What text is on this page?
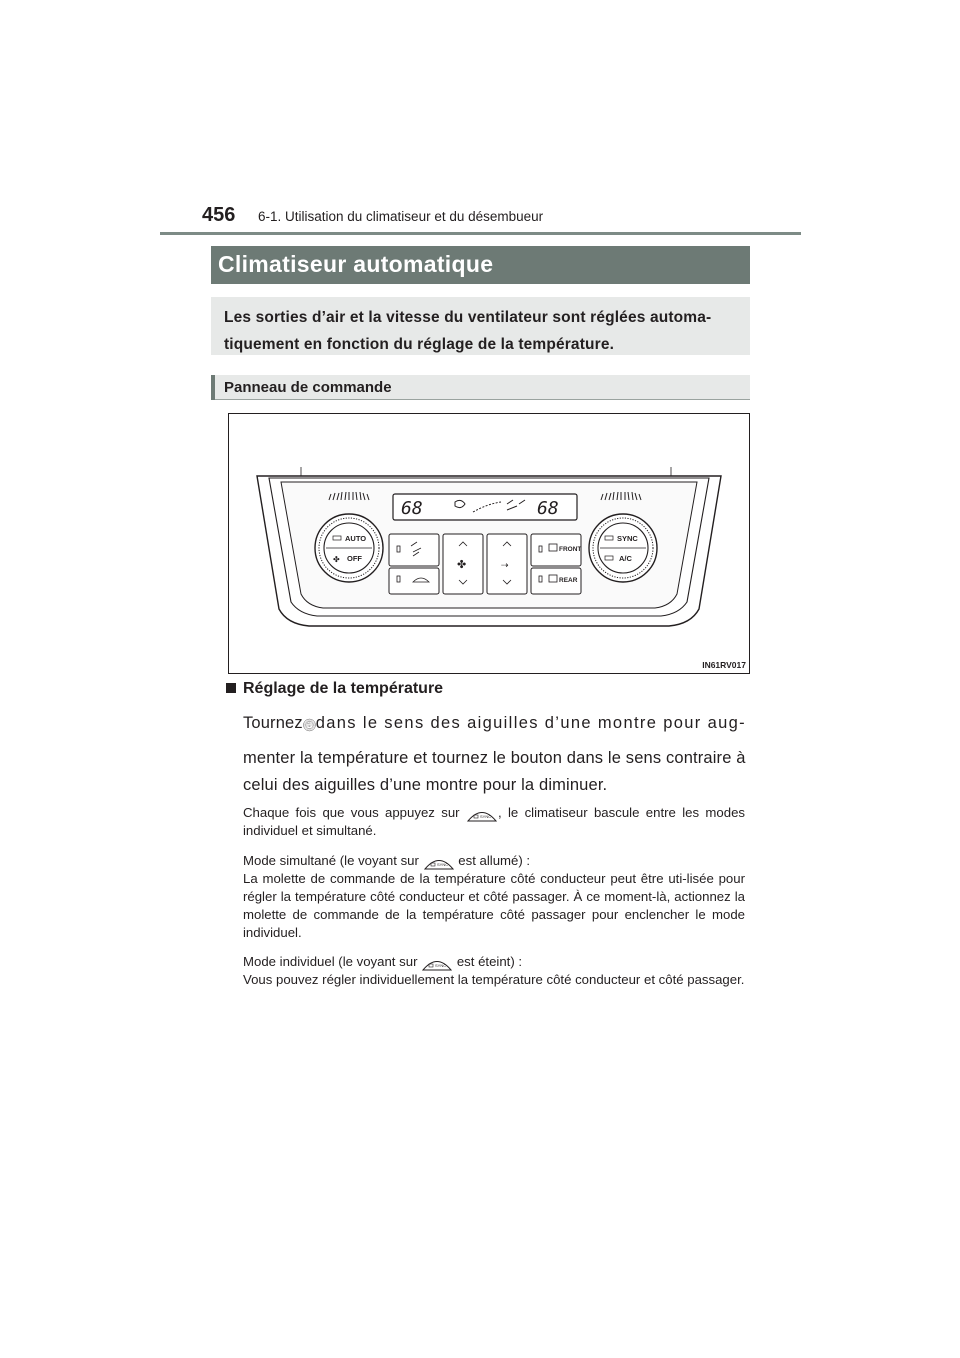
456 6-1. Utilisation du climatiseur et du désembueur
Climatiseur automatique

Les sorties d’air et la vitesse du ventilateur sont réglées automa-tiquement en fonction du réglage de la température.

Panneau de commande
68	68
AUTO
✤ OFF
SYNC
A/C
✤	⇢
FRONT
REAR
IN61RV017
Réglage de la température
Tournez AUTO
OFF dans le sens des aiguilles d’une montre pour aug-
menter la température et tournez le bouton dans le sens contraire à
celui des aiguilles d’une montre pour la diminuer.

Chaque fois que vous appuyez sur	SYNC , le climatiseur bascule entre les modes individuel et simultané.

Mode simultané (le voyant sur	SYNC est allumé) :

La molette de commande de la température côté conducteur peut être uti-lisée pour régler la température côté conducteur et côté passager. À ce moment-là, actionnez la molette de commande de la température côté passager pour enclencher le mode individuel.

Mode individuel (le voyant sur	SYNC est éteint) :

Vous pouvez régler individuellement la température côté conducteur et côté passager.
